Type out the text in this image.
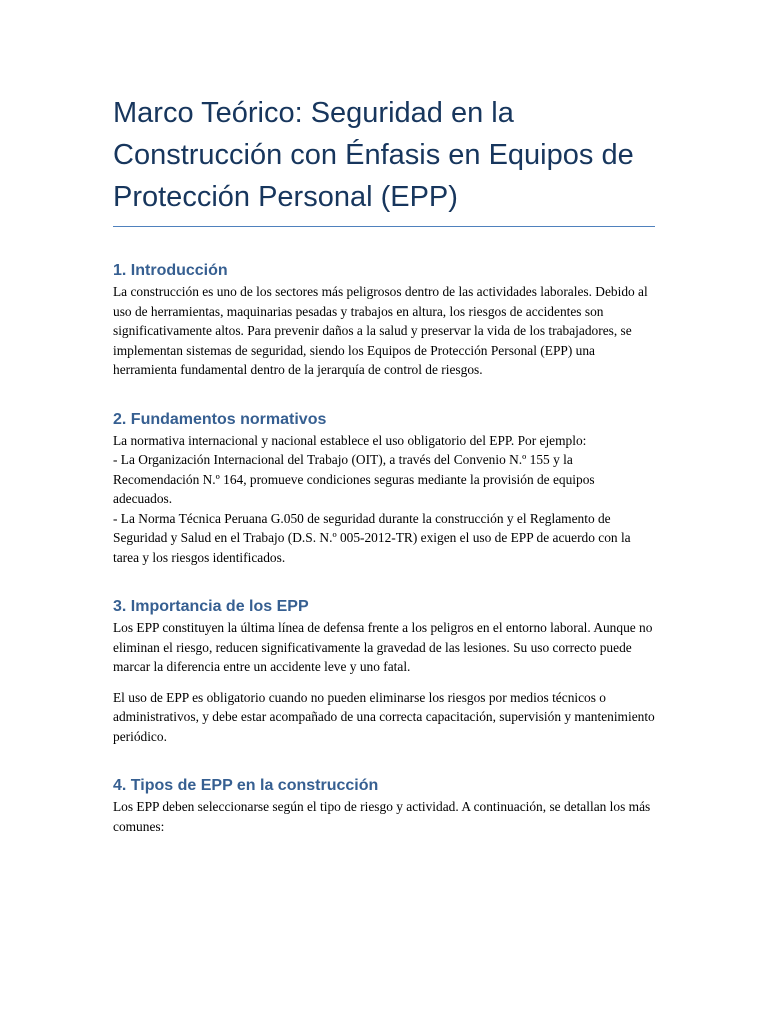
Marco Teórico: Seguridad en la Construcción con Énfasis en Equipos de Protección Personal (EPP)
1. Introducción

La construcción es uno de los sectores más peligrosos dentro de las actividades laborales. Debido al uso de herramientas, maquinarias pesadas y trabajos en altura, los riesgos de accidentes son significativamente altos. Para prevenir daños a la salud y preservar la vida de los trabajadores, se implementan sistemas de seguridad, siendo los Equipos de Protección Personal (EPP) una herramienta fundamental dentro de la jerarquía de control de riesgos.

2. Fundamentos normativos

La normativa internacional y nacional establece el uso obligatorio del EPP. Por ejemplo:
- La Organización Internacional del Trabajo (OIT), a través del Convenio N.º 155 y la Recomendación N.º 164, promueve condiciones seguras mediante la provisión de equipos adecuados.
- La Norma Técnica Peruana G.050 de seguridad durante la construcción y el Reglamento de Seguridad y Salud en el Trabajo (D.S. N.º 005-2012-TR) exigen el uso de EPP de acuerdo con la tarea y los riesgos identificados.

3. Importancia de los EPP

Los EPP constituyen la última línea de defensa frente a los peligros en el entorno laboral. Aunque no eliminan el riesgo, reducen significativamente la gravedad de las lesiones. Su uso correcto puede marcar la diferencia entre un accidente leve y uno fatal.

El uso de EPP es obligatorio cuando no pueden eliminarse los riesgos por medios técnicos o administrativos, y debe estar acompañado de una correcta capacitación, supervisión y mantenimiento periódico.

4. Tipos de EPP en la construcción

Los EPP deben seleccionarse según el tipo de riesgo y actividad. A continuación, se detallan los más comunes:
